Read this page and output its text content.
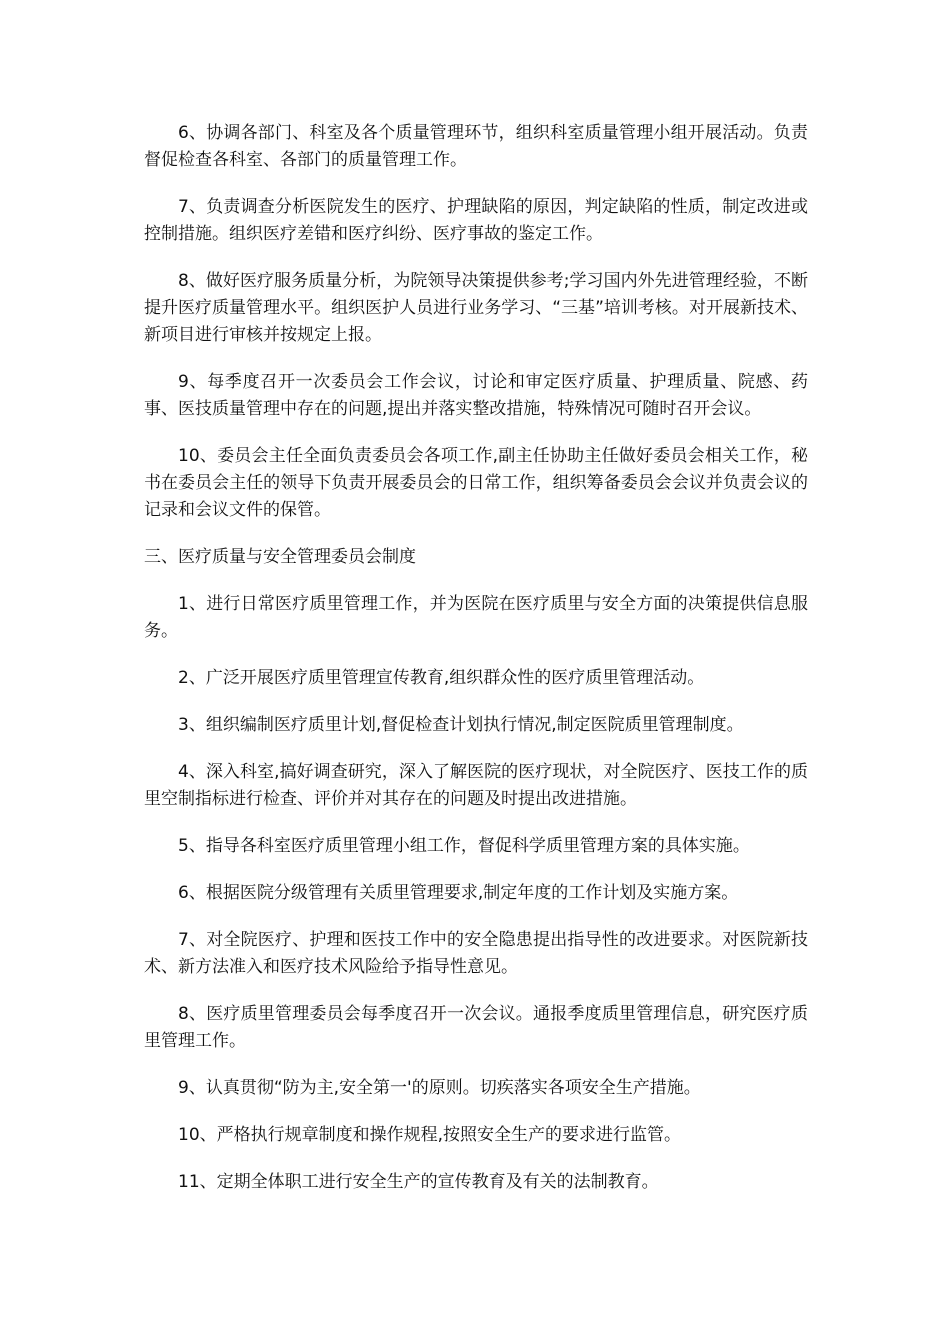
6、协调各部门、科室及各个质量管理环节，组织科室质量管理小组开展活动。负责督促检查各科室、各部门的质量管理工作。

7、负责调查分析医院发生的医疗、护理缺陷的原因，判定缺陷的性质，制定改进或控制措施。组织医疗差错和医疗纠纷、医疗事故的鉴定工作。

8、做好医疗服务质量分析，为院领导决策提供参考;学习国内外先进管理经验，不断提升医疗质量管理水平。组织医护人员进行业务学习、“三基”培训考核。对开展新技术、新项目进行审核并按规定上报。

9、每季度召开一次委员会工作会议，讨论和审定医疗质量、护理质量、院感、药事、医技质量管理中存在的问题,提出并落实整改措施，特殊情况可随时召开会议。

10、委员会主任全面负责委员会各项工作,副主任协助主任做好委员会相关工作，秘书在委员会主任的领导下负责开展委员会的日常工作，组织筹备委员会会议并负责会议的记录和会议文件的保管。

三、医疗质量与安全管理委员会制度

1、进行日常医疗质里管理工作，并为医院在医疗质里与安全方面的决策提供信息服务。

2、广泛开展医疗质里管理宣传教育,组织群众性的医疗质里管理活动。

3、组织编制医疗质里计划,督促检查计划执行情况,制定医院质里管理制度。

4、深入科室,搞好调查研究，深入了解医院的医疗现状，对全院医疗、医技工作的质里空制指标进行检查、评价并对其存在的问题及时提出改进措施。

5、指导各科室医疗质里管理小组工作，督促科学质里管理方案的具体实施。

6、根据医院分级管理有关质里管理要求,制定年度的工作计划及实施方案。

7、对全院医疗、护理和医技工作中的安全隐患提出指导性的改进要求。对医院新技术、新方法准入和医疗技术风险给予指导性意见。

8、医疗质里管理委员会每季度召开一次会议。通报季度质里管理信息，研究医疗质里管理工作。

9、认真贯彻“防为主,安全第一'的原则。切疾落实各项安全生产措施。

10、严格执行规章制度和操作规程,按照安全生产的要求进行监管。

11、定期全体职工进行安全生产的宣传教育及有关的法制教育。
